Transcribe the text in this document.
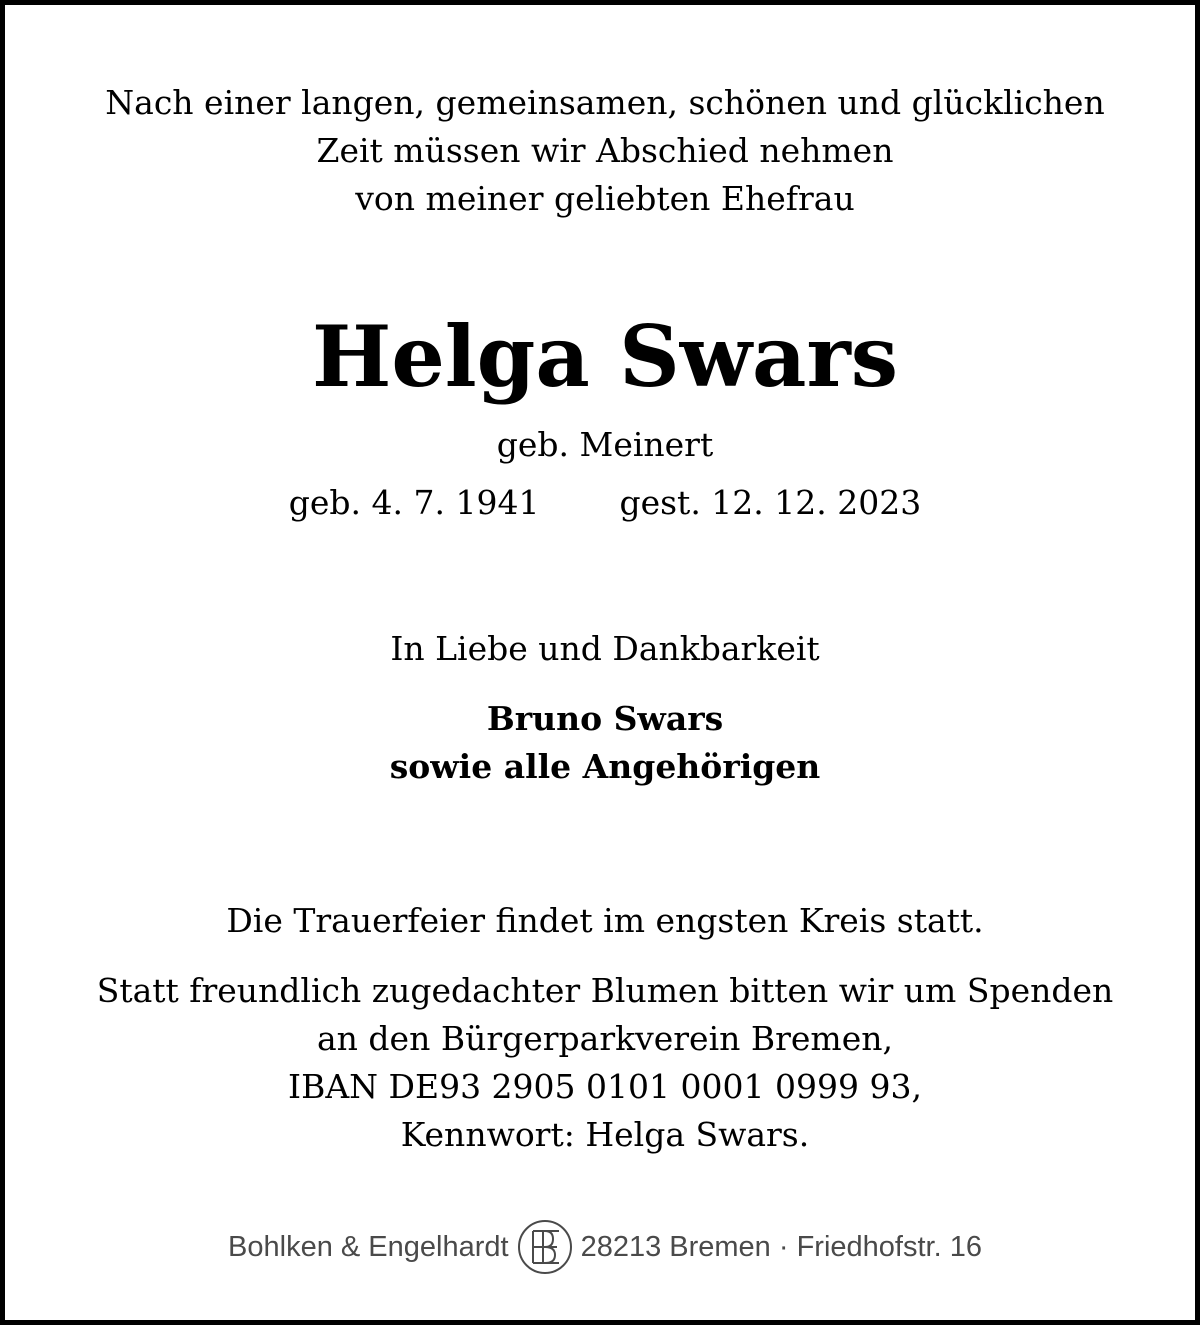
Nach einer langen, gemeinsamen, schönen und glücklichen
Zeit müssen wir Abschied nehmen
von meiner geliebten Ehefrau
Helga Swars
geb. Meinert
geb. 4. 7. 1941 gest. 12. 12. 2023
In Liebe und Dankbarkeit
Bruno Swars
sowie alle Angehörigen
Die Trauerfeier findet im engsten Kreis statt.
Statt freundlich zugedachter Blumen bitten wir um Spenden
an den Bürgerparkverein Bremen,
IBAN DE93 2905 0101 0001 0999 93,
Kennwort: Helga Swars.
Bohlken & Engelhardt 28213 Bremen · Friedhofstr. 16
